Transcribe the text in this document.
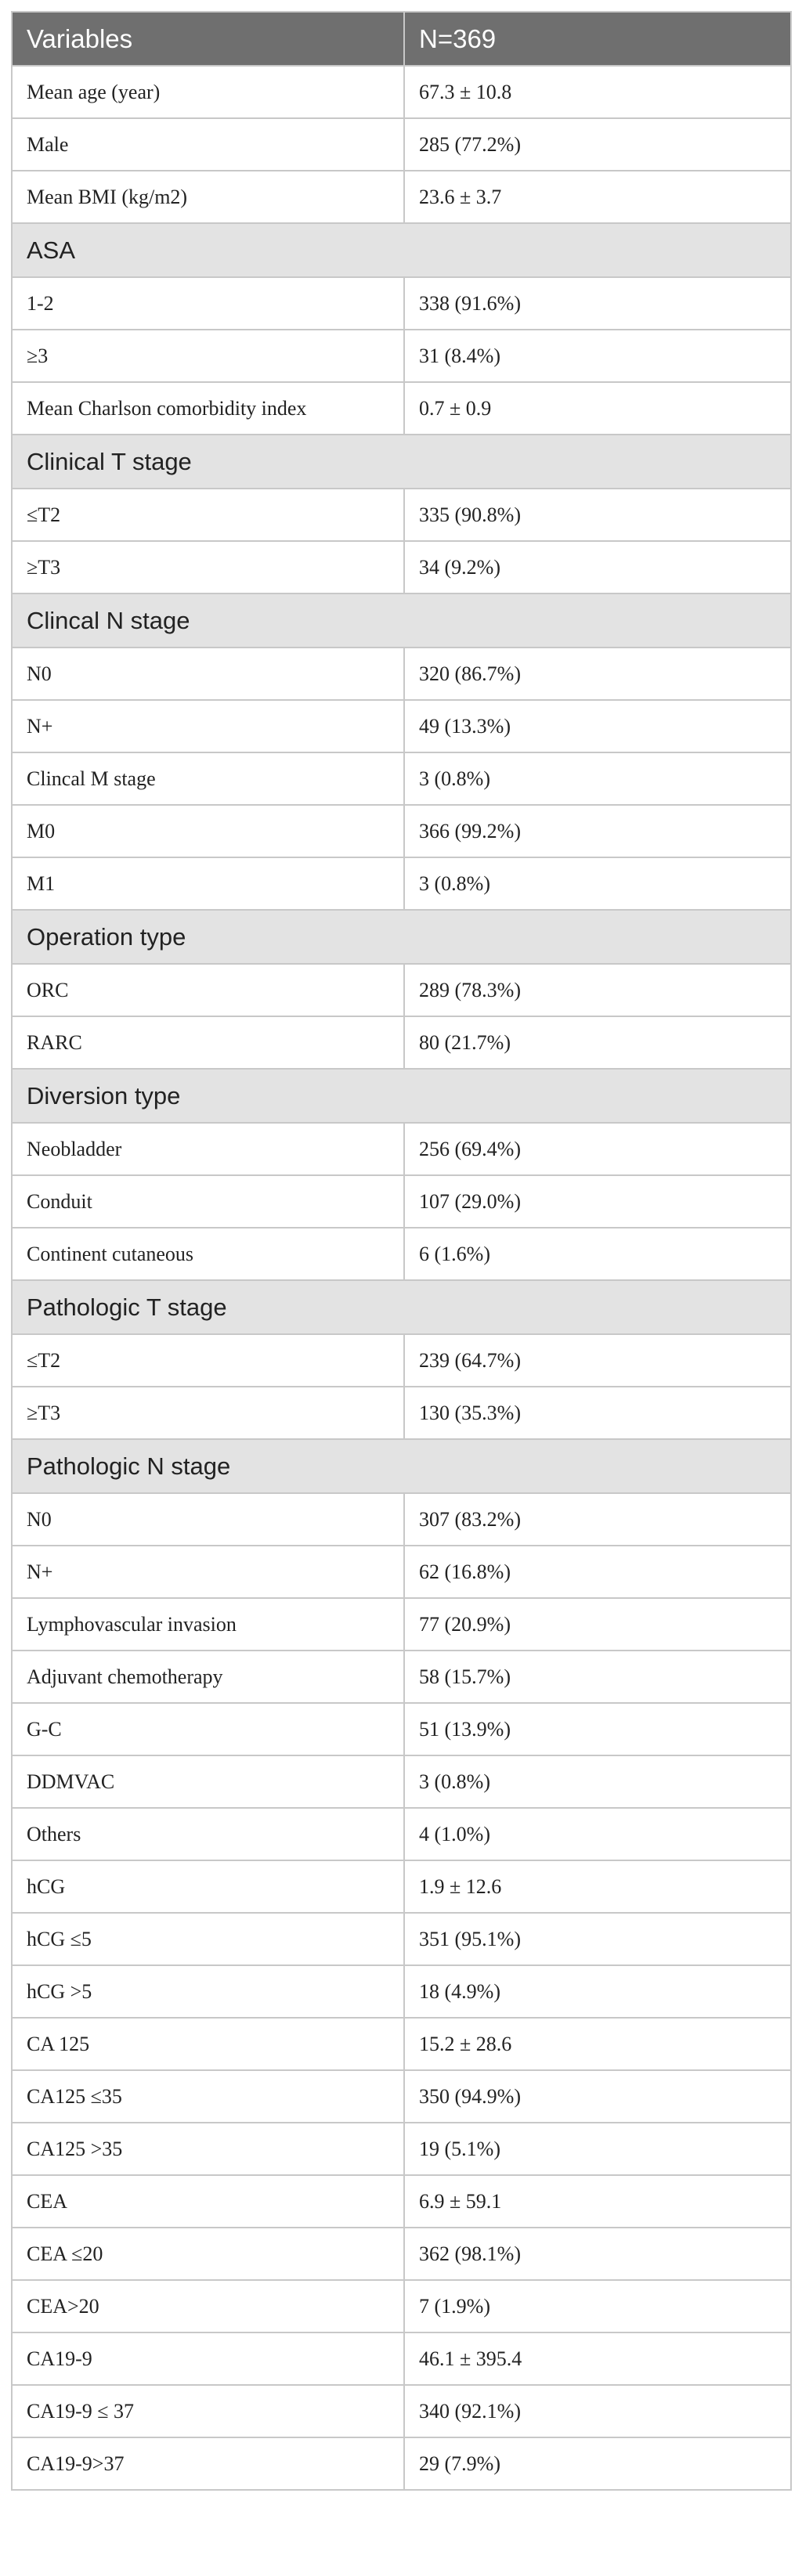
Variables	N=369
Mean age (year)	67.3 ± 10.8
Male	285 (77.2%)
Mean BMI (kg/m2)	23.6 ± 3.7
ASA	
1-2	338 (91.6%)
≥3	31 (8.4%)
Mean Charlson comorbidity index	0.7 ± 0.9
Clinical T stage	
≤T2	335 (90.8%)
≥T3	34 (9.2%)
Clincal N stage	
N0	320 (86.7%)
N+	49 (13.3%)
Clincal M stage	3 (0.8%)
M0	366 (99.2%)
M1	3 (0.8%)
Operation type	
ORC	289 (78.3%)
RARC	80 (21.7%)
Diversion type	
Neobladder	256 (69.4%)
Conduit	107 (29.0%)
Continent cutaneous	6 (1.6%)
Pathologic T stage	
≤T2	239 (64.7%)
≥T3	130 (35.3%)
Pathologic N stage	
N0	307 (83.2%)
N+	62 (16.8%)
Lymphovascular invasion	77 (20.9%)
Adjuvant chemotherapy	58 (15.7%)
G-C	51 (13.9%)
DDMVAC	3 (0.8%)
Others	4 (1.0%)
hCG	1.9 ± 12.6
hCG ≤5	351 (95.1%)
hCG >5	18 (4.9%)
CA 125	15.2 ± 28.6
CA125 ≤35	350 (94.9%)
CA125 >35	19 (5.1%)
CEA	6.9 ± 59.1
CEA ≤20	362 (98.1%)
CEA>20	7 (1.9%)
CA19-9	46.1 ± 395.4
CA19-9 ≤ 37	340 (92.1%)
CA19-9>37	29 (7.9%)
